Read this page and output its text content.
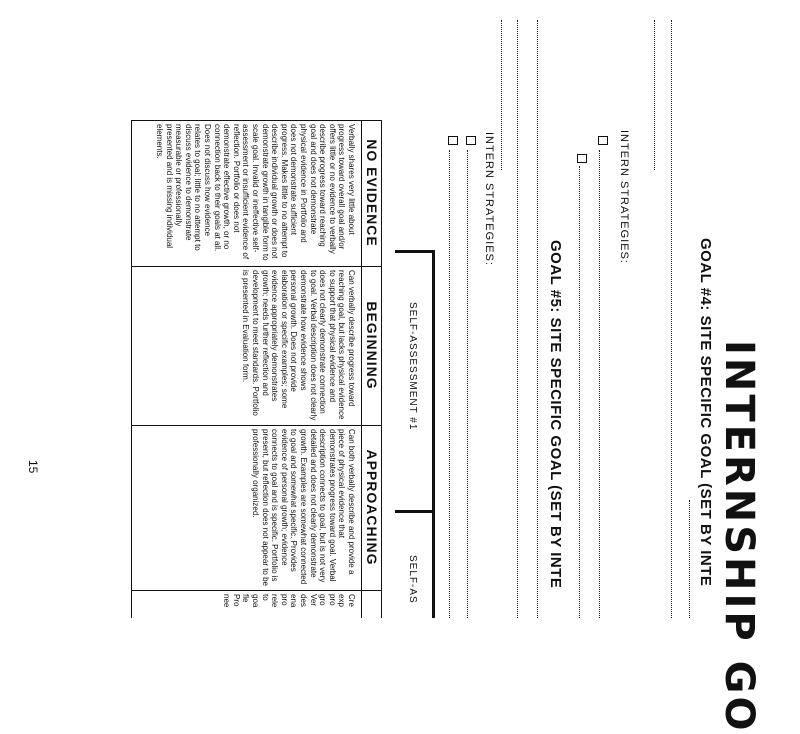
INTERNSHIP GO
GOAL #4: SITE SPECIFIC GOAL (SET BY INTE
INTERN STRATEGIES:
GOAL #5: SITE SPECIFIC GOAL (SET BY INTE
INTERN STRATEGIES:
SELF-ASSESSMENT #1
SELF-AS
NO EVIDENCE
BEGINNING
APPROACHING
Verbally shares very little about progress toward overall goal and/or offers little or no evidence to verbally describe progress toward reaching goal and does not demonstrate physical evidence in Portfolio and does not demonstrate sufficient progress. Makes little to no attempt to describe individual growth or does not demonstrate growth in tangible form to scale goal. Invalid or ineffective self-assessment or insufficient evidence of reflection. Portfolio or does not demonstrate effective growth, or no connection back to their goals at all. Does not discuss how evidence relates to goal; little to no attempt to discuss evidence to demonstrate measurable or professionally presented and is missing individual elements.
Can verbally describe progress toward reaching goal, but lacks physical evidence to support that physical evidence and does not clearly demonstrate connection to goal. Verbal description does not clearly demonstrate how evidence shows personal growth. Does not provide elaboration or specific examples; some evidence appropriately demonstrates growth; needs further reflection and development to meet standards. Portfolio is presented in Evaluation form.
Can both verbally describe and provide a piece of physical evidence that demonstrates progress toward goal. Verbal description connects to goal, but is not very detailed and does not clearly demonstrate growth. Examples are somewhat connected to goal and somewhat specific. Provides evidence of personal growth; evidence connects to goal and is specific. Portfolio is present, but reflection does not appear to be professionally organized.
Cre exp pro gro Ver des ena pro rele to goa fle Pro nee
15
